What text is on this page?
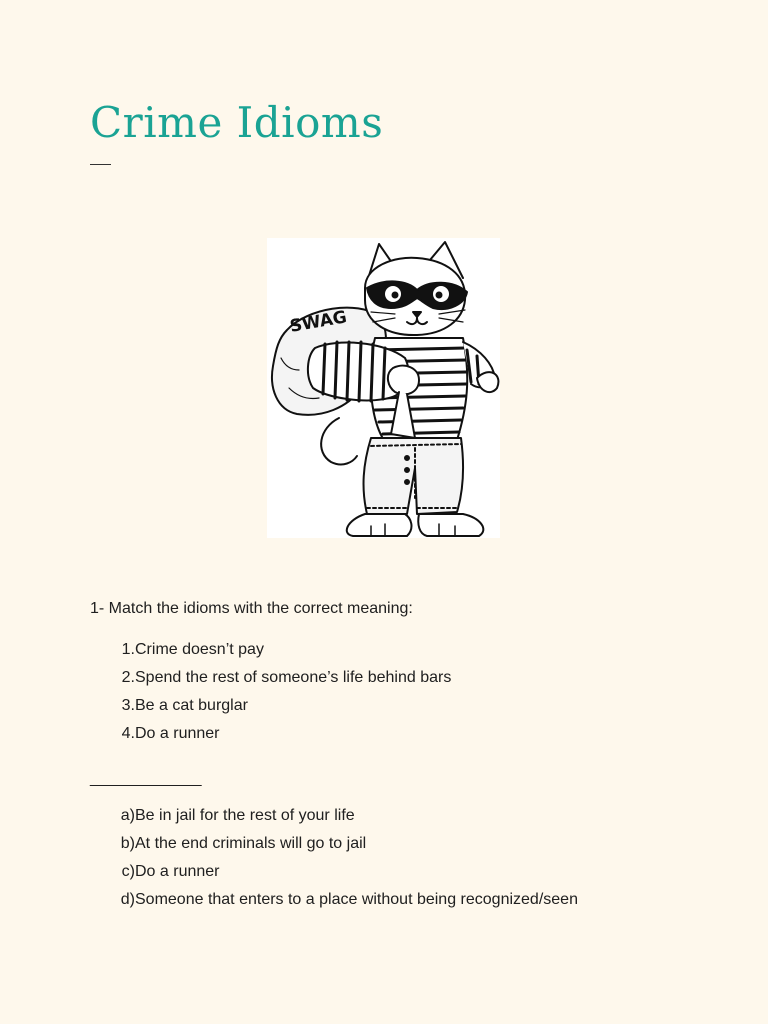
Crime Idioms
SWAG

1- Match the idioms with the correct meaning:

1.Crime doesn’t pay
2.Spend the rest of someone’s life behind bars
3.Be a cat burglar
4.Do a runner
______________
a)Be in jail for the rest of your life
b)At the end criminals will go to jail
c)Do a runner
d)Someone that enters to a place without being recognized/seen
